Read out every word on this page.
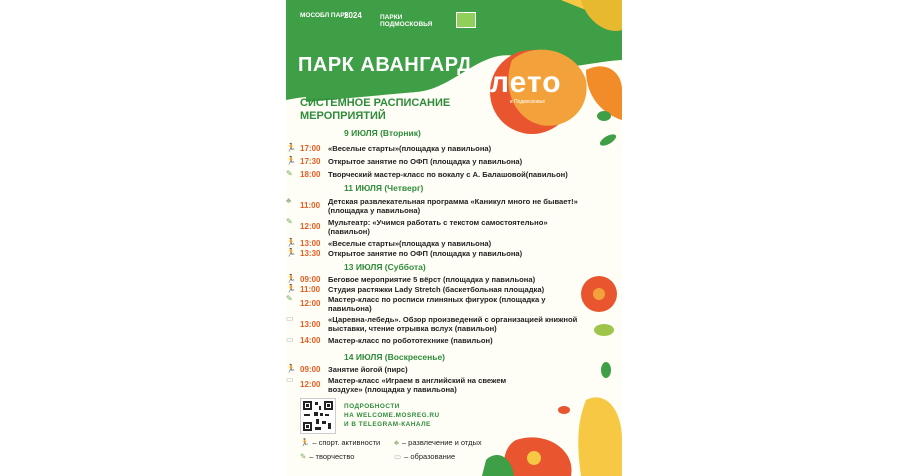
МОСОБЛ ПАРК
2024	ПАРКИ
ПОДМОСКОВЬЯ
ПАРК АВАНГАРД
лето
в Подмосковье
СИСТЕМНОЕ РАСПИСАНИЕ МЕРОПРИЯТИЙ
9 ИЮЛЯ (Вторник)
🏃 17:00 «Веселые старты»(площадка у павильона)
🏃 17:30 Открытое занятие по ОФП (площадка у павильона)
✎ 18:00 Творческий мастер-класс по вокалу с А. Балашовой(павильон)
11 ИЮЛЯ (Четверг)
♣
11:00 Детская развлекательная программа «Каникул много не бывает!» (площадка у павильона)
✎
12:00 Мультеатр: «Учимся работать с текстом самостоятельно» (павильон)
🏃 13:00 «Веселые старты»(площадка у павильона)
🏃 13:30 Открытое занятие по ОФП (площадка у павильона)
13 ИЮЛЯ (Суббота)
🏃 09:00 Беговое мероприятие 5 вёрст (площадка у павильона)
🏃 11:00 Студия растяжки Lady Stretch (баскетбольная площадка)
✎
12:00 Мастер-класс по росписи глиняных фигурок (площадка у павильона)
▭
13:00
«Царевна-лебедь». Обзор произведений с организацией книжной выставки, чтение отрывка вслух (павильон)
▭ 14:00 Мастер-класс по робототехнике (павильон)
14 ИЮЛЯ (Воскресенье)
🏃 09:00 Занятие йогой (пирс)
▭
12:00 Мастер-класс «Играем в английский на свежем воздухе» (площадка у павильона)
ПОДРОБНОСТИ
НА WELCOME.MOSREG.RU
И В TELEGRAM-КАНАЛЕ
🏃 – спорт. активности ♣ – развлечение и отдых
✎ – творчество	▭ – образование
